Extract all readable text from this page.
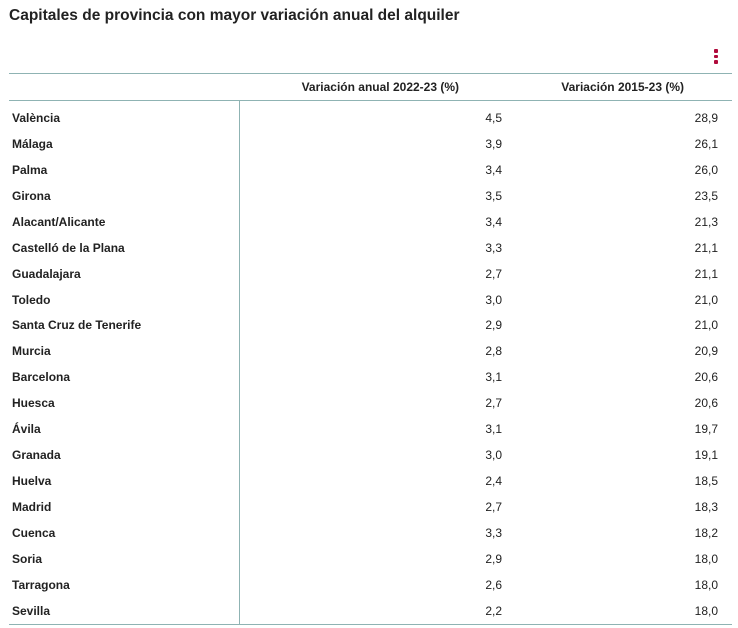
Capitales de provincia con mayor variación anual del alquiler
	Variación anual 2022-23 (%)	Variación 2015-23 (%)
València	4,5	28,9
Málaga	3,9	26,1
Palma	3,4	26,0
Girona	3,5	23,5
Alacant/Alicante	3,4	21,3
Castelló de la Plana	3,3	21,1
Guadalajara	2,7	21,1
Toledo	3,0	21,0
Santa Cruz de Tenerife	2,9	21,0
Murcia	2,8	20,9
Barcelona	3,1	20,6
Huesca	2,7	20,6
Ávila	3,1	19,7
Granada	3,0	19,1
Huelva	2,4	18,5
Madrid	2,7	18,3
Cuenca	3,3	18,2
Soria	2,9	18,0
Tarragona	2,6	18,0
Sevilla	2,2	18,0
